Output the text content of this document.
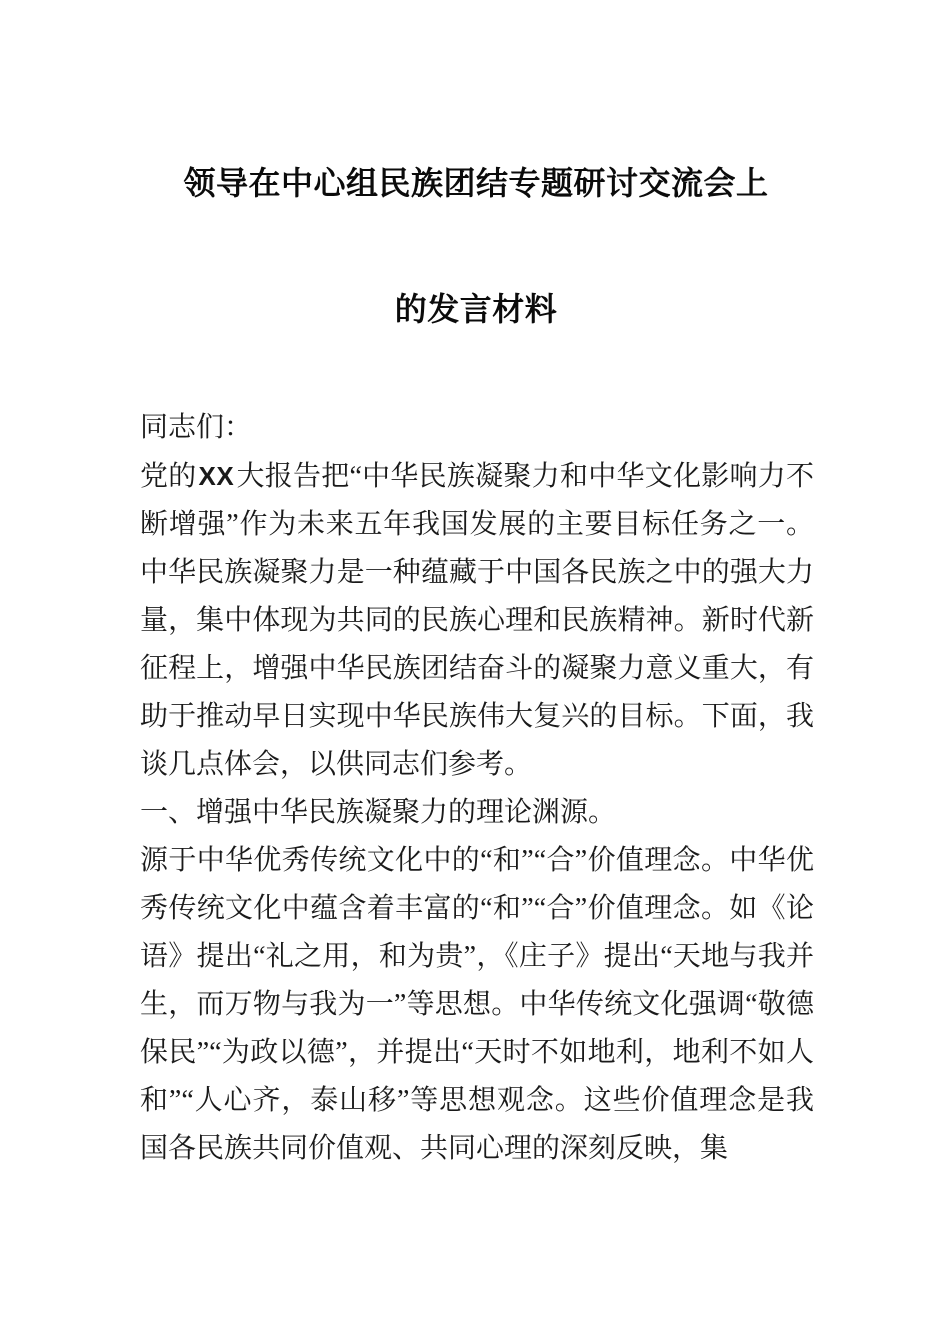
领导在中心组民族团结专题研讨交流会上
的发言材料

同志们：

党的XX大报告把“中华民族凝聚力和中华文化影响力不断增强”作为未来五年我国发展的主要目标任务之一。中华民族凝聚力是一种蕴藏于中国各民族之中的强大力量，集中体现为共同的民族心理和民族精神。新时代新征程上，增强中华民族团结奋斗的凝聚力意义重大，有助于推动早日实现中华民族伟大复兴的目标。下面，我谈几点体会，以供同志们参考。

一、增强中华民族凝聚力的理论渊源。

源于中华优秀传统文化中的“和”“合”价值理念。中华优秀传统文化中蕴含着丰富的“和”“合”价值理念。如《论语》提出“礼之用，和为贵”，《庄子》提出“天地与我并生，而万物与我为一”等思想。中华传统文化强调“敬德保民”“为政以德”，并提出“天时不如地利，地利不如人和”“人心齐，泰山移”等思想观念。这些价值理念是我国各民族共同价值观、共同心理的深刻反映，集
